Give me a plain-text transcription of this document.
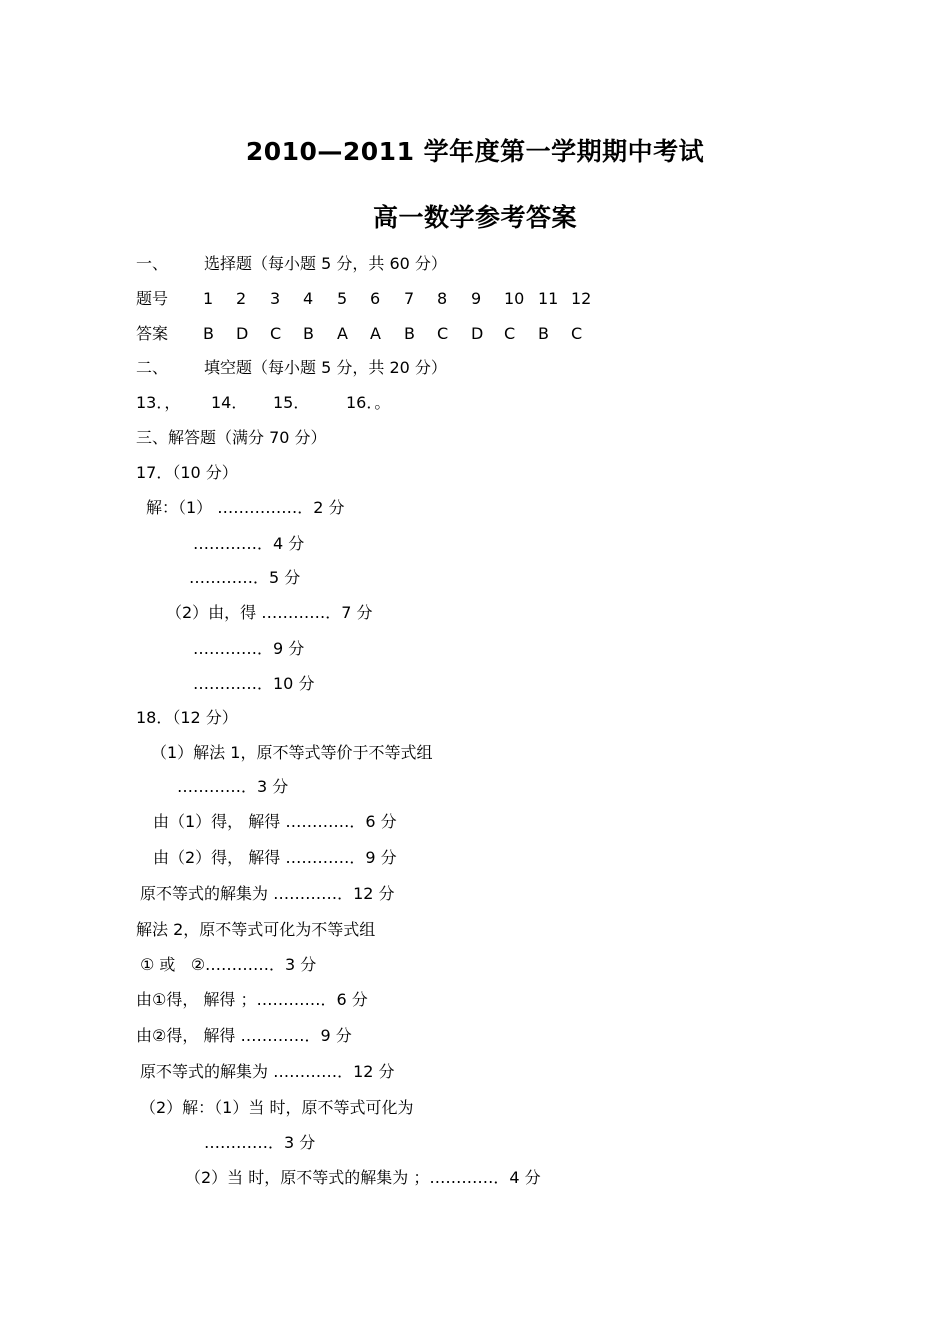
2010—2011 学年度第一学期期中考试
高一数学参考答案
一、 选择题（每小题 5 分，共 60 分）
题号
答案
1 2 3 4 5 6 7 8 9 10 11 12
B D C B A A B C D C B C
二、 填空题（每小题 5 分，共 20 分）
13．， 14． 15． 16．。
三、解答题（满分 70 分）
17．（10 分）
解：（1） ……………．2 分
…………．4 分
…………．5 分
（2）由，得 …………．7 分
…………．9 分
…………．10 分
18．（12 分）
（1）解法 1，原不等式等价于不等式组
…………．3 分
由（1）得， 解得 …………．6 分
由（2）得， 解得 …………．9 分
原不等式的解集为 …………．12 分
解法 2，原不等式可化为不等式组
① 或   ②…………．3 分
由①得， 解得 ；…………．6 分
由②得， 解得 …………．9 分
原不等式的解集为 …………．12 分
（2）解：（1）当 时，原不等式可化为
…………．3 分
（2）当 时，原不等式的解集为 ；…………．4 分
